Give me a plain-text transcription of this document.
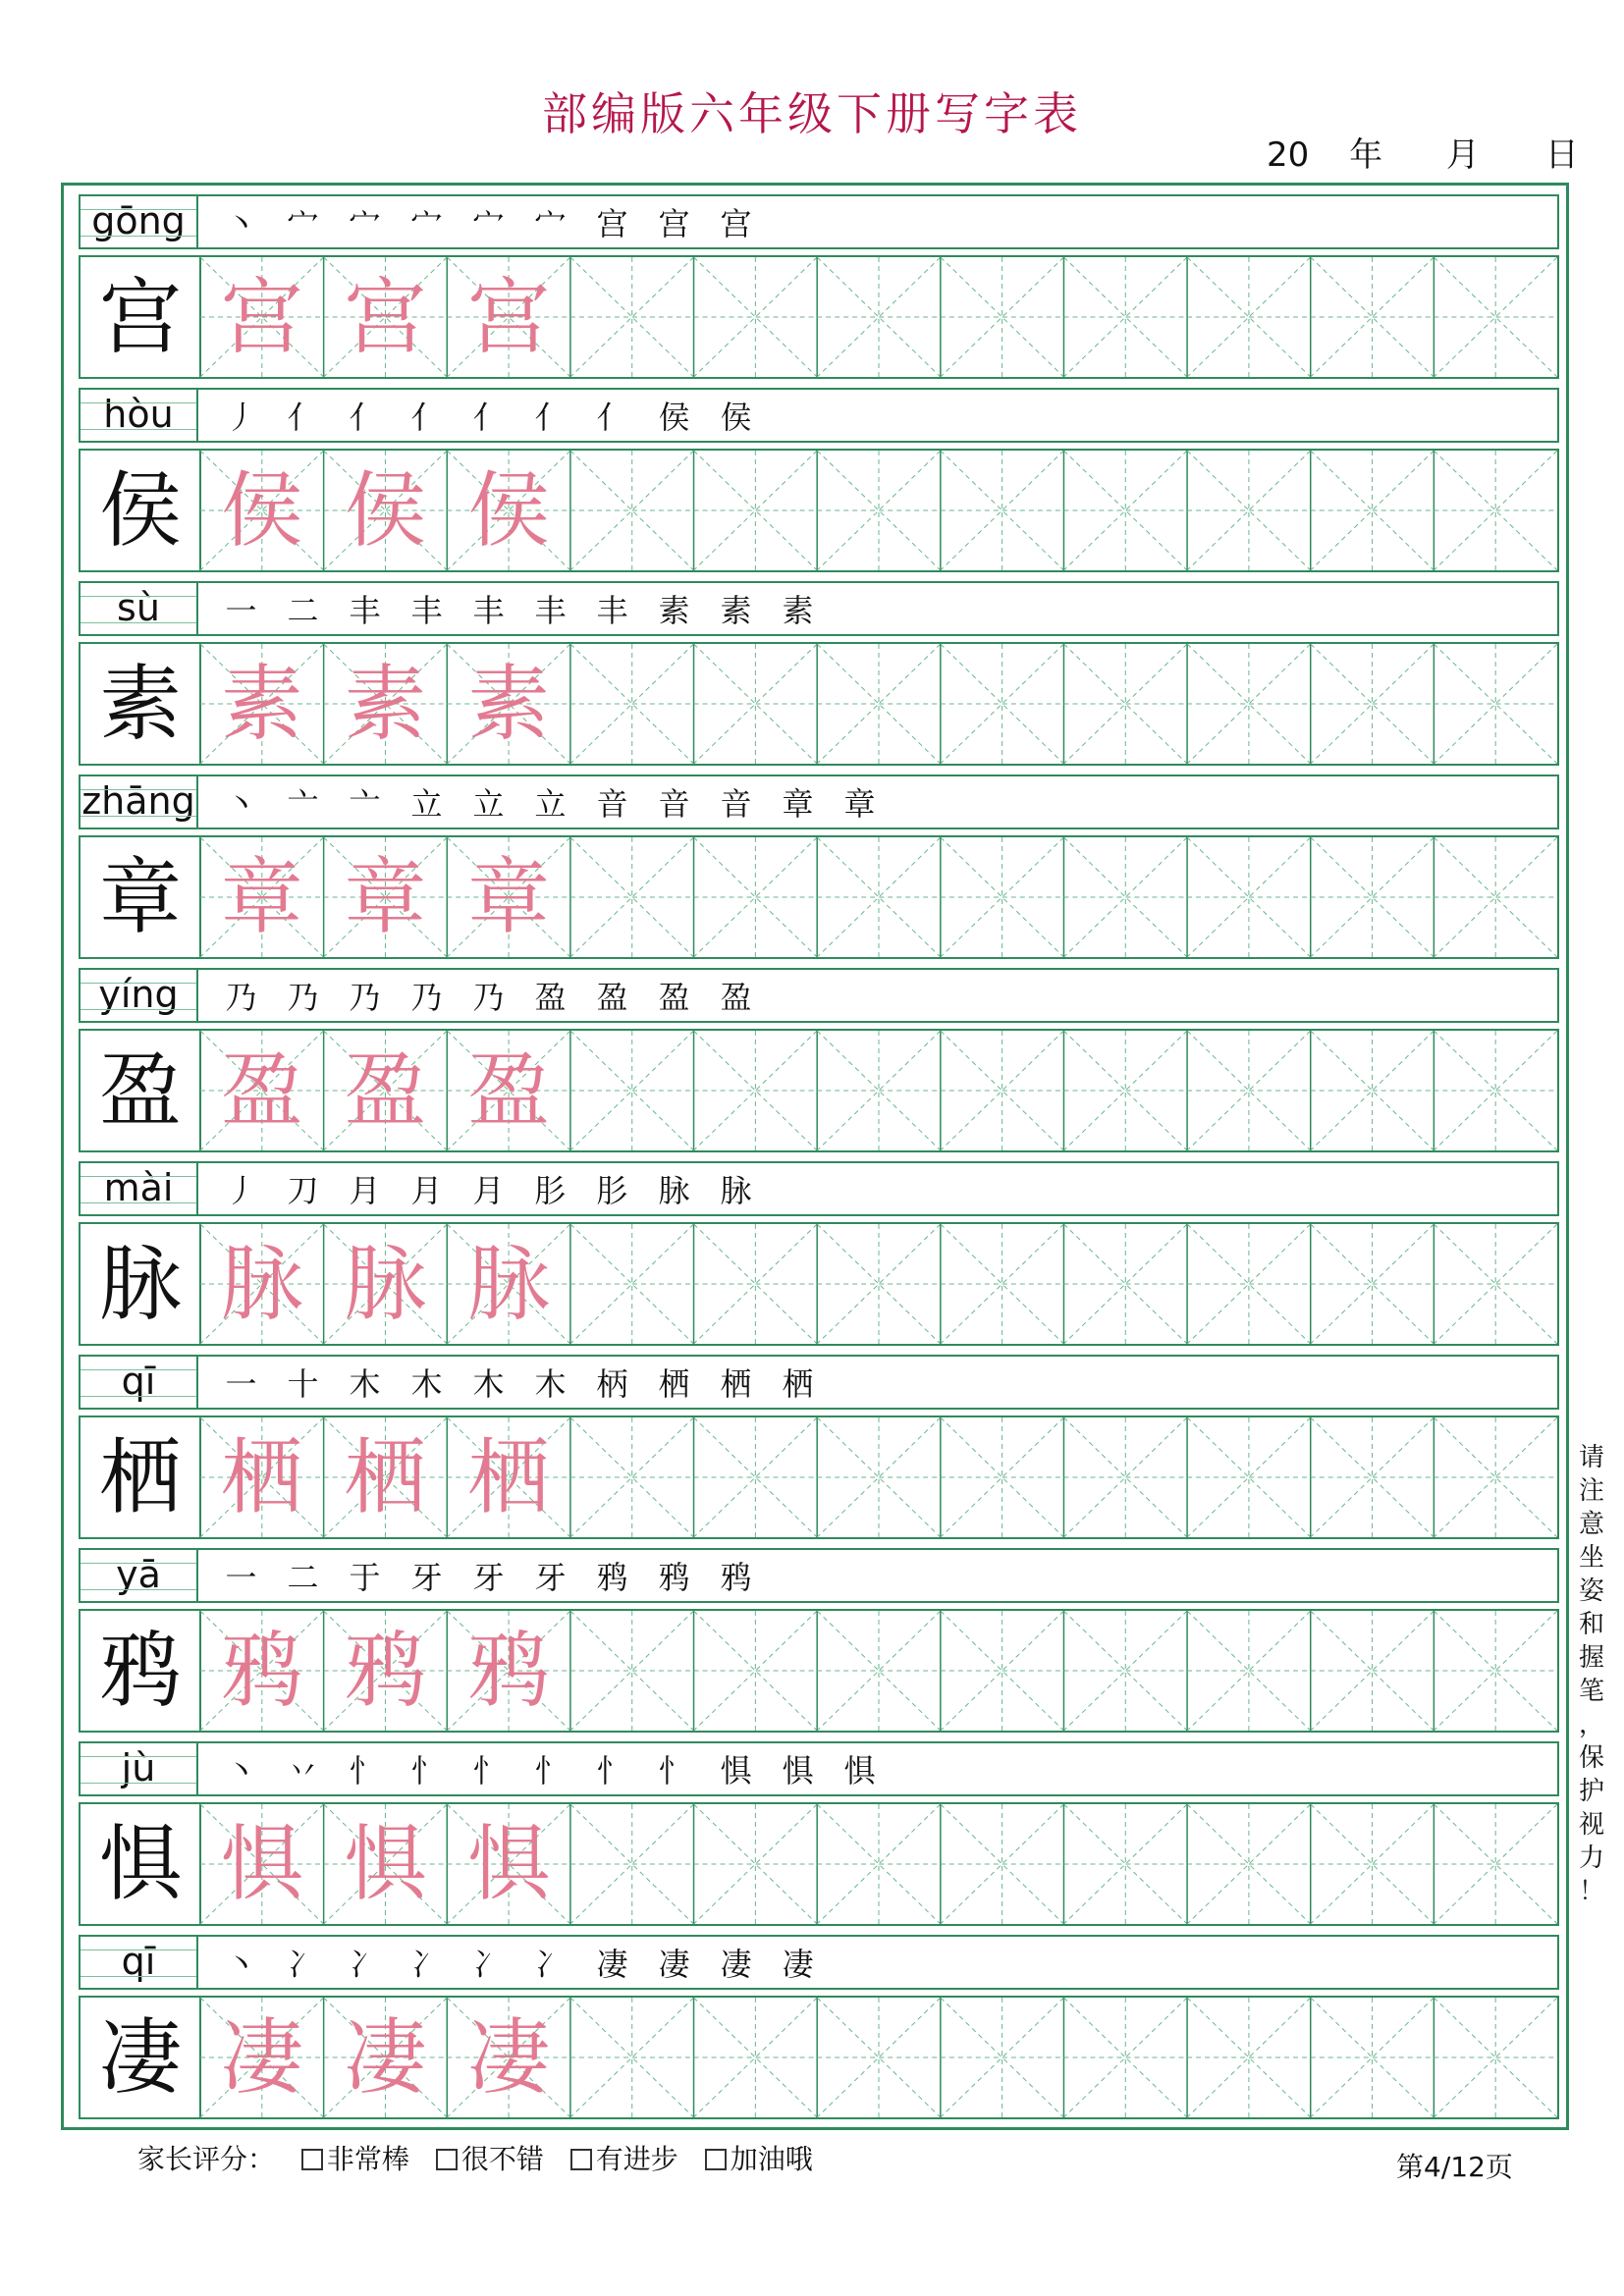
部编版六年级下册写字表
20 年 月 日
gōng	丶 宀 宀 宀 宀 宀 宫 宫 宫
宫 宫 宫 宫
hòu	丿 亻 亻 亻 亻 亻 亻 侯 侯
侯 侯 侯 侯
sù	一 二 丰 丰 丰 丰 丰 素 素 素
素 素 素 素
zhāng 丶 亠 亠 立 立 立 音 音 音 章 章
章 章 章 章
yíng	乃 乃 乃 乃 乃 盈 盈 盈 盈
盈 盈 盈 盈
mài	丿 刀 月 月 月 肜 肜 脉 脉
脉 脉 脉 脉
qī	一 十 木 木 木 木 柄 栖 栖 栖
栖 栖 栖 栖
yā	一 二 于 牙 牙 牙 鸦 鸦 鸦
鸦 鸦 鸦 鸦
jù	丶 丷 忄 忄 忄 忄 忄 忄 惧 惧 惧
惧 惧 惧 惧
qī	丶 冫 冫 冫 冫 冫 凄 凄 凄 凄
凄 凄 凄 凄
请
注
意
坐
姿
和
握
笔
，
保
护
视
力
！
家长评分： 非常棒 很不错 有进步 加油哦	第4/12页
